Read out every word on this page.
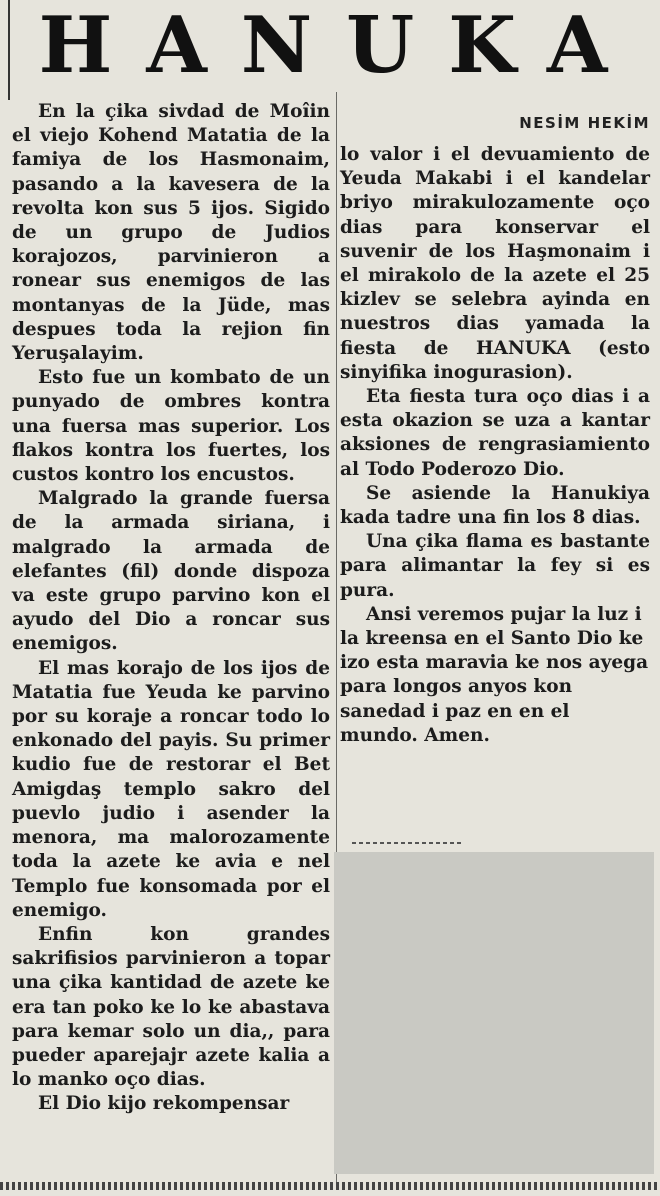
HANUKA
NESİM HEKİM

En la çika sivdad de Moîin el viejo Kohend Matatia de la famiya de los Hasmonaim, pasando a la kavesera de la revolta kon sus 5 ijos. Sigido de un grupo de Judios korajozos, parvinieron a ronear sus enemigos de las montanyas de la Jüde, mas despues toda la rejion fin Yeruşalayim.

Esto fue un kombato de un punyado de ombres kontra una fuersa mas superior. Los flakos kontra los fuertes, los custos kontro los encustos.

Malgrado la grande fuersa de la armada siriana, i malgrado la armada de elefantes (fil) donde dispoza va este grupo parvino kon el ayudo del Dio a roncar sus enemigos.

El mas korajo de los ijos de Matatia fue Yeuda ke parvino por su koraje a roncar todo lo enkonado del payis. Su primer kudio fue de restorar el Bet Amigdaş templo sakro del puevlo judio i asender la menora, ma malorozamente toda la azete ke avia e nel Templo fue konsomada por el enemigo.

Enfin kon grandes sakrifisios parvinieron a topar una çika kantidad de azete ke era tan poko ke lo ke abastava para kemar solo un dia,, para pueder aparejajr azete kalia a lo manko oço dias.

El Dio kijo rekompensar

lo valor i el devuamiento de Yeuda Makabi i el kandelar briyo mirakulozamente oço dias para konservar el suvenir de los Haşmonaim i el mirakolo de la azete el 25 kizlev se selebra ayinda en nuestros dias yamada la fiesta de HANUKA (esto sinyifika inogurasion).

Eta fiesta tura oço dias i a esta okazion se uza a kantar aksiones de rengrasiamiento al Todo Poderozo Dio.

Se asiende la Hanukiya kada tadre una fin los 8 dias.

Una çika flama es bastante para alimantar la fey si es pura.

Ansi veremos pujar la luz i la kreensa en el Santo Dio ke izo esta maravia ke nos ayega para longos anyos kon sanedad i paz en en el mundo. Amen.
